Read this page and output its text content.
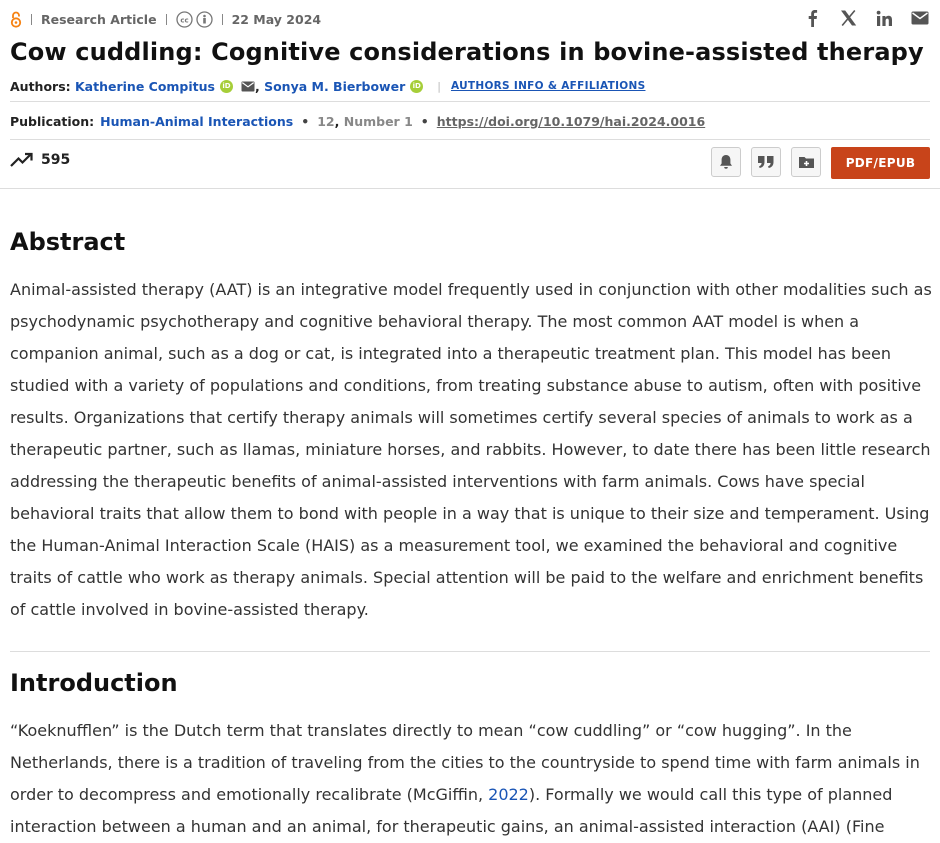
Research Article	cc	22 May 2024
Cow cuddling: Cognitive considerations in bovine-assisted therapy
Authors : Katherine Compitus	iD , Sonya M. Bierbower	iD | AUTHORS INFO & AFFILIATIONS
Publication: Human-Animal Interactions • 12 , Number 1 • https://doi.org/10.1079/hai.2024.0016
595	PDF/EPUB
Abstract

Animal-assisted therapy (AAT) is an integrative model frequently used in conjunction with other modalities such as psychodynamic psychotherapy and cognitive behavioral therapy. The most common AAT model is when a companion animal, such as a dog or cat, is integrated into a therapeutic treatment plan. This model has been studied with a variety of populations and conditions, from treating substance abuse to autism, often with positive results. Organizations that certify therapy animals will sometimes certify several species of animals to work as a therapeutic partner, such as llamas, miniature horses, and rabbits. However, to date there has been little research addressing the therapeutic benefits of animal-assisted interventions with farm animals. Cows have special behavioral traits that allow them to bond with people in a way that is unique to their size and temperament. Using the Human-Animal Interaction Scale (HAIS) as a measurement tool, we examined the behavioral and cognitive traits of cattle who work as therapy animals. Special attention will be paid to the welfare and enrichment benefits of cattle involved in bovine-assisted therapy.

Introduction

“Koeknufflen” is the Dutch term that translates directly to mean “cow cuddling” or “cow hugging”. In the Netherlands, there is a tradition of traveling from the cities to the countryside to spend time with farm animals in order to decompress and emotionally recalibrate (McGiffin, 2022). Formally we would call this type of planned interaction between a human and an animal, for therapeutic gains, an animal-assisted interaction (AAI) (Fine
